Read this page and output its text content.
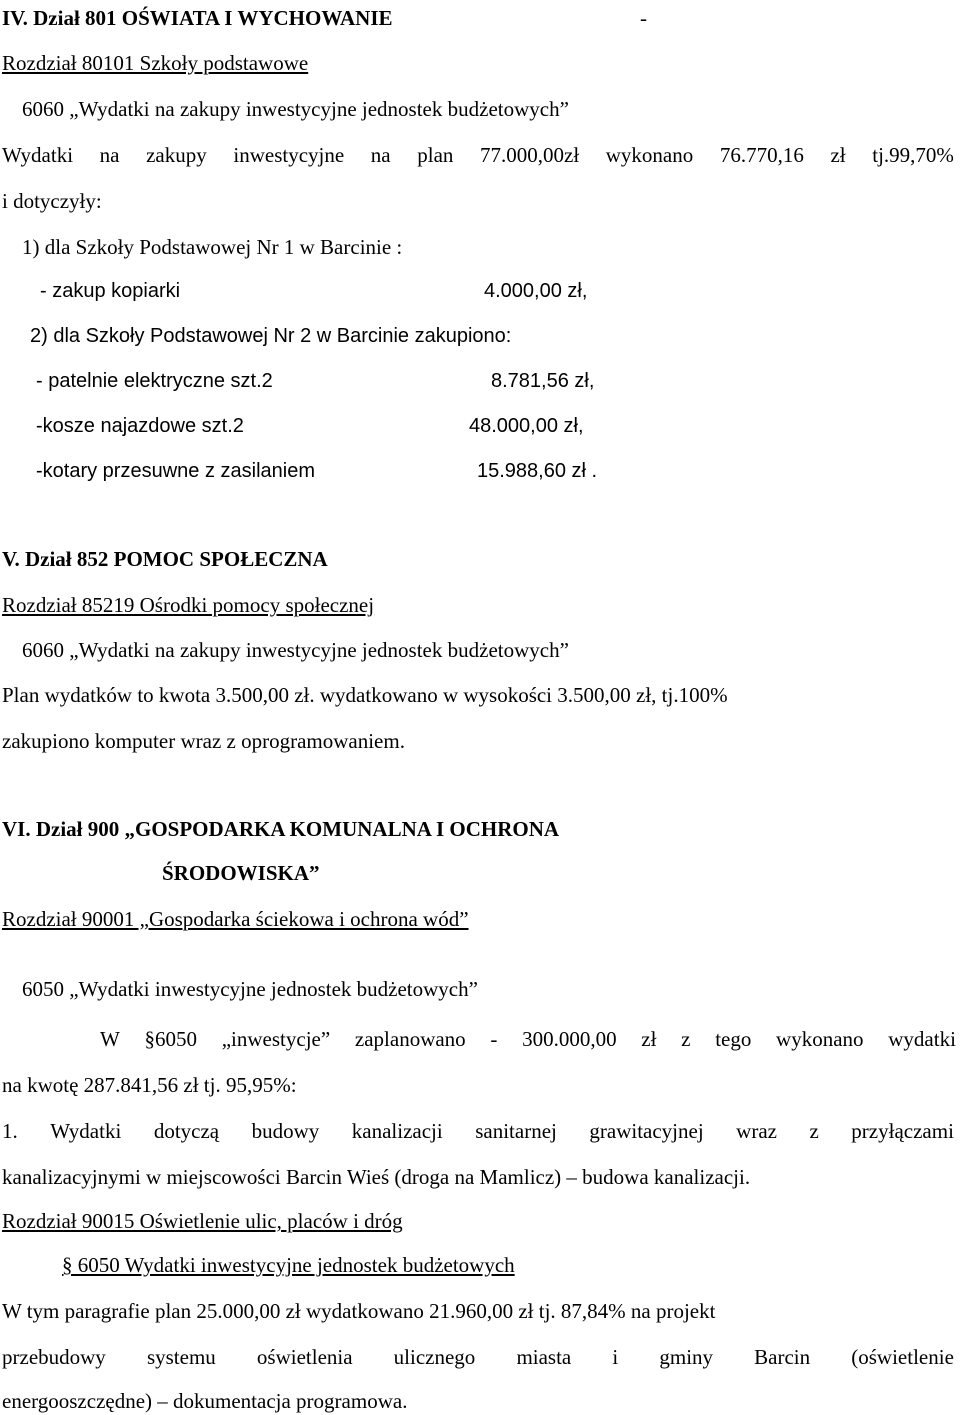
IV. Dział 801 OŚWIATA I WYCHOWANIE	-
Rozdział 80101 Szkoły podstawowe
6060 „Wydatki na zakupy inwestycyjne jednostek budżetowych”
Wydatki na zakupy inwestycyjne na plan 77.000,00zł wykonano 76.770,16 zł tj.99,70%
i dotyczyły:
1) dla Szkoły Podstawowej Nr 1 w Barcinie :
- zakup kopiarki	4.000,00 zł,
2) dla Szkoły Podstawowej Nr 2 w Barcinie zakupiono:
- patelnie elektryczne szt.2	8.781,56 zł,
-kosze najazdowe szt.2	48.000,00 zł,
-kotary przesuwne z zasilaniem	15.988,60 zł .
V. Dział 852 POMOC SPOŁECZNA
Rozdział 85219 Ośrodki pomocy społecznej
6060 „Wydatki na zakupy inwestycyjne jednostek budżetowych”
Plan wydatków to kwota 3.500,00 zł. wydatkowano w wysokości 3.500,00 zł, tj.100%
zakupiono komputer wraz z oprogramowaniem.
VI. Dział 900 „GOSPODARKA KOMUNALNA I OCHRONA
ŚRODOWISKA”
Rozdział 90001 „Gospodarka ściekowa i ochrona wód”
6050 „Wydatki inwestycyjne jednostek budżetowych”
W §6050 „inwestycje” zaplanowano - 300.000,00 zł z tego wykonano wydatki
na kwotę 287.841,56 zł tj. 95,95%:
1. Wydatki dotyczą budowy kanalizacji sanitarnej grawitacyjnej wraz z przyłączami
kanalizacyjnymi w miejscowości Barcin Wieś (droga na Mamlicz) – budowa kanalizacji.
Rozdział 90015 Oświetlenie ulic, placów i dróg
§ 6050 Wydatki inwestycyjne jednostek budżetowych
W tym paragrafie plan 25.000,00 zł wydatkowano 21.960,00 zł tj. 87,84% na projekt
przebudowy systemu oświetlenia ulicznego miasta i gminy Barcin (oświetlenie
energooszczędne) – dokumentacja programowa.
